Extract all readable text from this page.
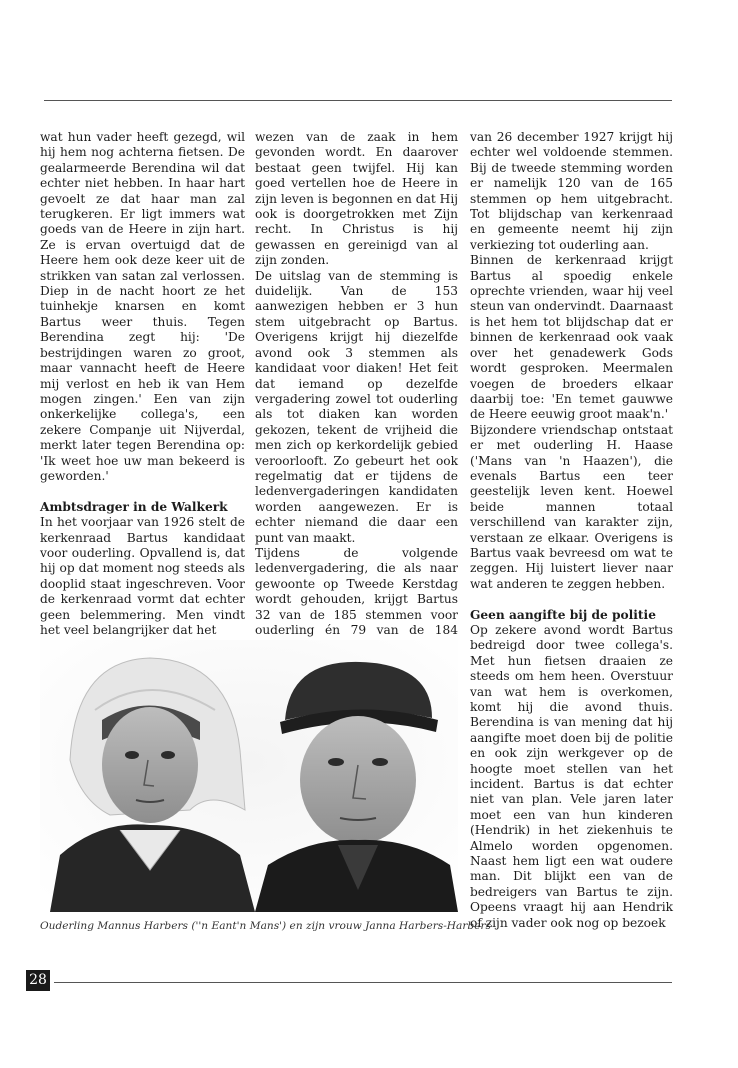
wat hun vader heeft gezegd, wil hij hem nog achterna fietsen. De gealarmeerde Berendina wil dat echter niet hebben. In haar hart gevoelt ze dat haar man zal terugkeren. Er ligt immers wat goeds van de Heere in zijn hart. Ze is ervan overtuigd dat de Heere hem ook deze keer uit de strikken van satan zal verlossen. Diep in de nacht hoort ze het tuinhekje knarsen en komt Bartus weer thuis. Tegen Berendina zegt hij: 'De bestrijdingen waren zo groot, maar vannacht heeft de Heere mij verlost en heb ik van Hem mogen zingen.' Een van zijn onkerkelijke collega's, een zekere Companje uit Nijverdal, merkt later tegen Berendina op: 'Ik weet hoe uw man bekeerd is geworden.'

Ambtsdrager in de Walkerk

In het voorjaar van 1926 stelt de kerkenraad Bartus kandidaat voor ouderling. Opvallend is, dat hij op dat moment nog steeds als dooplid staat ingeschreven. Voor de kerkenraad vormt dat echter geen belemmering. Men vindt het veel belangrijker dat het

wezen van de zaak in hem gevonden wordt. En daarover bestaat geen twijfel. Hij kan goed vertellen hoe de Heere in zijn leven is begonnen en dat Hij ook is doorgetrokken met Zijn recht. In Christus is hij gewassen en gereinigd van al zijn zonden.

De uitslag van de stemming is duidelijk. Van de 153 aanwezigen hebben er 3 hun stem uitgebracht op Bartus. Overigens krijgt hij diezelfde avond ook 3 stemmen als kandidaat voor diaken! Het feit dat iemand op dezelfde vergadering zowel tot ouderling als tot diaken kan worden gekozen, tekent de vrijheid die men zich op kerkordelijk gebied veroorlooft. Zo gebeurt het ook regelmatig dat er tijdens de ledenvergaderingen kandidaten worden aangewezen. Er is echter niemand die daar een punt van maakt.

Tijdens de volgende ledenvergadering, die als naar gewoonte op Tweede Kerstdag wordt gehouden, krijgt Bartus 32 van de 185 stemmen voor ouderling én 79 van de 184

van 26 december 1927 krijgt hij echter wel voldoende stemmen. Bij de tweede stemming worden er namelijk 120 van de 165 stemmen op hem uitgebracht. Tot blijdschap van kerkenraad en gemeente neemt hij zijn verkiezing tot ouderling aan.

Binnen de kerkenraad krijgt Bartus al spoedig enkele oprechte vrienden, waar hij veel steun van ondervindt. Daarnaast is het hem tot blijdschap dat er binnen de kerkenraad ook vaak over het genadewerk Gods wordt gesproken. Meermalen voegen de broeders elkaar daarbij toe: 'En temet gauwwe de Heere eeuwig groot maak'n.'

Bijzondere vriendschap ontstaat er met ouderling H. Haase ('Mans van 'n Haazen'), die evenals Bartus een teer geestelijk leven kent. Hoewel beide mannen totaal verschillend van karakter zijn, verstaan ze elkaar. Overigens is Bartus vaak bevreesd om wat te zeggen. Hij luistert liever naar wat anderen te zeggen hebben.

Geen aangifte bij de politie

Op zekere avond wordt Bartus bedreigd door twee collega's. Met hun fietsen draaien ze steeds om hem heen. Overstuur van wat hem is overkomen, komt hij die avond thuis. Berendina is van mening dat hij aangifte moet doen bij de politie en ook zijn werkgever op de hoogte moet stellen van het incident. Bartus is dat echter niet van plan. Vele jaren later moet een van hun kinderen (Hendrik) in het ziekenhuis te Almelo worden opgenomen. Naast hem ligt een wat oudere man. Dit blijkt een van de bedreigers van Bartus te zijn. Opeens vraagt hij aan Hendrik of zijn vader ook nog op bezoek

Ouderling Mannus Harbers (''n Eant'n Mans') en zijn vrouw Janna Harbers-Harbers
28
